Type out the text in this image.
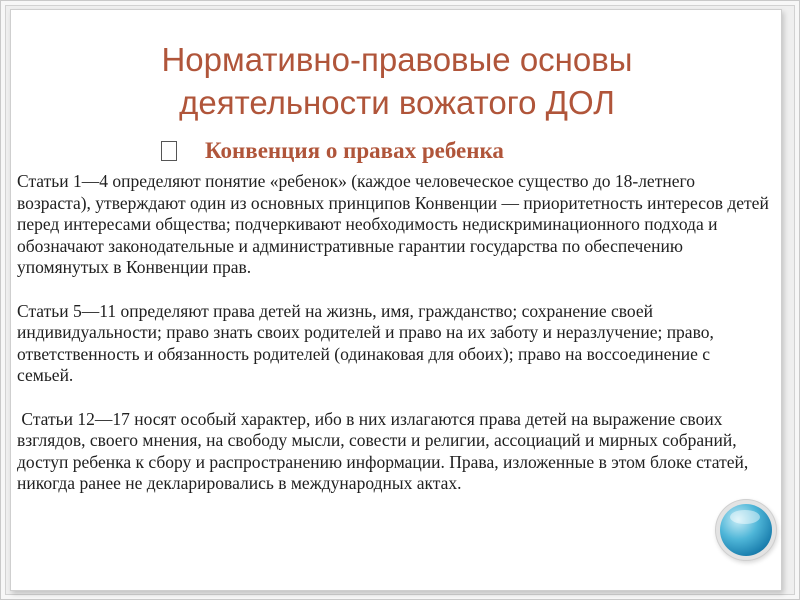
Нормативно-правовые основы
деятельности вожатого ДОЛ
Конвенция о правах ребенка

Статьи 1—4 определяют понятие «ребенок» (каждое человеческое существо до 18-летнего возраста), утверждают один из основных принципов Конвенции — приоритетность интересов детей перед интересами общества; подчеркивают необходимость недискриминационного подхода и обозначают законодательные и административные гарантии государства по обеспечению упомянутых в Конвенции прав.

Статьи 5—11 определяют права детей на жизнь, имя, гражданство; сохранение своей индивидуальности; право знать своих родителей и право на их заботу и неразлучение; право, ответственность и обязанность родителей (одинаковая для обоих); право на воссоединение с семьей.

Статьи 12—17 носят особый характер, ибо в них излагаются права детей на выражение своих взглядов, своего мнения, на свободу мысли, совести и религии, ассоциаций и мирных собраний, доступ ребенка к сбору и распространению информации. Права, изложенные в этом блоке статей, никогда ранее не декларировались в международных актах.
